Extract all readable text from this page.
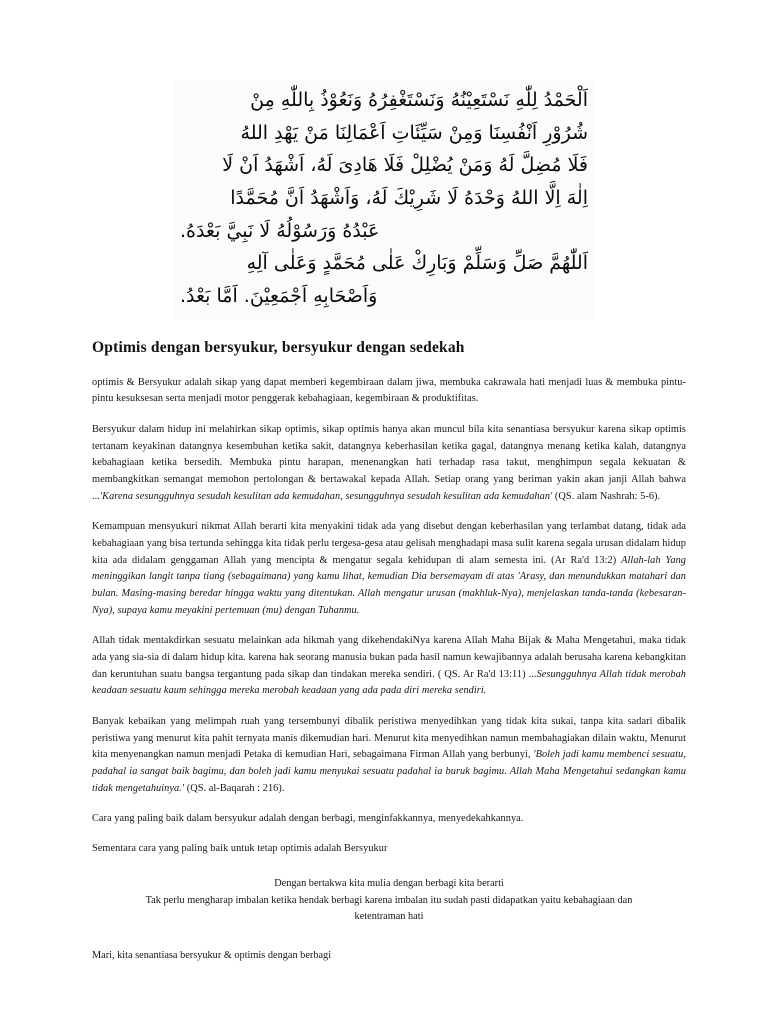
اَلْحَمْدُ لِلّٰهِ نَسْتَعِيْنُهُ وَنَسْتَغْفِرُهُ وَنَعُوْذُ بِاللّٰهِ مِنْ
شُرُوْرِ اَنْفُسِنَا وَمِنْ سَيِّئَاتِ اَعْمَالِنَا مَنْ يَهْدِ اللهُ
فَلَا مُضِلَّ لَهُ وَمَنْ يُضْلِلْ فَلَا هَادِىَ لَهُ، اَشْهَدُ اَنْ لَا
اِلٰهَ اِلَّا اللهُ وَحْدَهُ لَا شَرِيْكَ لَهُ، وَاَشْهَدُ اَنَّ مُحَمَّدًا
عَبْدُهُ وَرَسُوْلُهُ لَا نَبِيَّ بَعْدَهُ.
اَللّٰهُمَّ صَلِّ وَسَلِّمْ وَبَارِكْ عَلٰى مُحَمَّدٍ وَعَلٰى آلِهِ
وَاَصْحَابِهِ اَجْمَعِيْنَ. اَمَّا بَعْدُ.
Optimis dengan bersyukur, bersyukur dengan sedekah

optimis & Bersyukur adalah sikap yang dapat memberi kegembiraan dalam jiwa, membuka cakrawala hati menjadi luas & membuka pintu-pintu kesuksesan serta menjadi motor penggerak kebahagiaan, kegembiraan & produktifitas.

Bersyukur dalam hidup ini melahirkan sikap optimis, sikap optimis hanya akan muncul bila kita senantiasa bersyukur karena sikap optimis tertanam keyakinan datangnya kesembuhan ketika sakit, datangnya keberhasilan ketika gagal, datangnya menang ketika kalah, datangnya kebahagiaan ketika bersedih. Membuka pintu harapan, menenangkan hati terhadap rasa takut, menghimpun segala kekuatan & membangkitkan semangat memohon pertolongan & bertawakal kepada Allah. Setiap orang yang beriman yakin akan janji Allah bahwa ...'Karena sesungguhnya sesudah kesulitan ada kemudahan, sesungguhnya sesudah kesulitan ada kemudahan' (QS. alam Nashrah: 5-6).

Kemampuan mensyukuri nikmat Allah berarti kita menyakini tidak ada yang disebut dengan keberhasilan yang terlambat datang, tidak ada kebahagiaan yang bisa tertunda sehingga kita tidak perlu tergesa-gesa atau gelisah menghadapi masa sulit karena segala urusan didalam hidup kita ada didalam genggaman Allah yang mencipta & mengatur segala kehidupan di alam semesta ini. (Ar Ra'd 13:2) Allah-lah Yang meninggikan langit tanpa tiang (sebagaimana) yang kamu lihat, kemudian Dia bersemayam di atas 'Arasy, dan menundukkan matahari dan bulan. Masing-masing beredar hingga waktu yang ditentukan. Allah mengatur urusan (makhluk-Nya), menjelaskan tanda-tanda (kebesaran-Nya), supaya kamu meyakini pertemuan (mu) dengan Tuhanmu.

Allah tidak mentakdirkan sesuatu melainkan ada hikmah yang dikehendakiNya karena Allah Maha Bijak & Maha Mengetahui, maka tidak ada yang sia-sia di dalam hidup kita. karena hak seorang manusia bukan pada hasil namun kewajibannya adalah berusaha karena kebangkitan dan keruntuhan suatu bangsa tergantung pada sikap dan tindakan mereka sendiri. ( QS. Ar Ra'd 13:11) ...Sesungguhnya Allah tidak merobah keadaan sesuatu kaum sehingga mereka merobah keadaan yang ada pada diri mereka sendiri.

Banyak kebaikan yang melimpah ruah yang tersembunyi dibalik peristiwa menyedihkan yang tidak kita sukai, tanpa kita sadari dibalik peristiwa yang menurut kita pahit ternyata manis dikemudian hari. Menurut kita menyedihkan namun membahagiakan dilain waktu, Menurut kita menyenangkan namun menjadi Petaka di kemudian Hari, sebagaimana Firman Allah yang berbunyi, 'Boleh jadi kamu membenci sesuatu, padahal ia sangat baik bagimu, dan boleh jadi kamu menyukai sesuatu padahal ia buruk bagimu. Allah Maha Mengetahui sedangkan kamu tidak mengetahuinya.' (QS. al-Baqarah : 216).

Cara yang paling baik dalam bersyukur adalah dengan berbagi, menginfakkannya, menyedekahkannya.

Sementara cara yang paling baik untuk tetap optimis adalah Bersyukur

Dengan bertakwa kita mulia dengan berbagi kita berarti
Tak perlu mengharap imbalan ketika hendak berbagi karena imbalan itu sudah pasti didapatkan yaitu kebahagiaan dan
ketentraman hati

Mari, kita senantiasa bersyukur & optimis dengan berbagi
